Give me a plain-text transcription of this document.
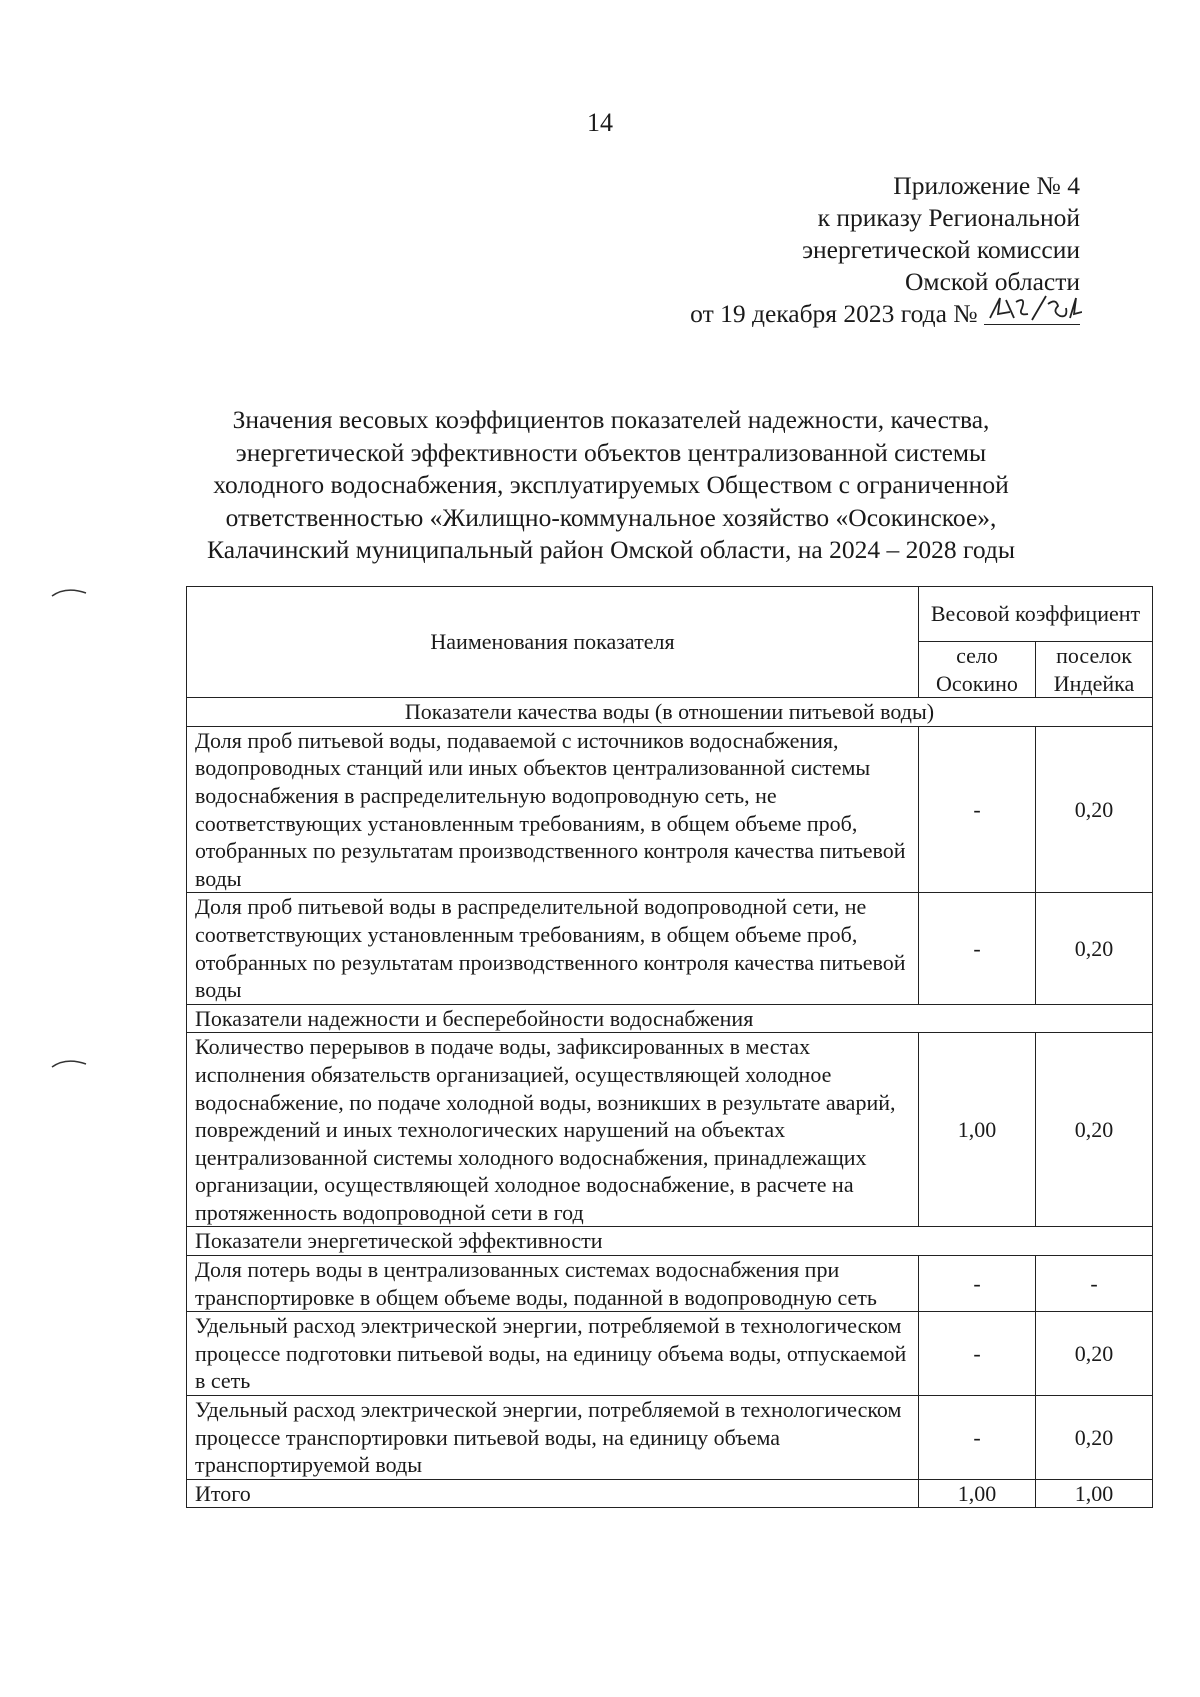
14
Приложение № 4
к приказу Региональной
энергетической комиссии
Омской области
от 19 декабря 2023 года №
Значения весовых коэффициентов показателей надежности, качества,
энергетической эффективности объектов централизованной системы
холодного водоснабжения, эксплуатируемых Обществом с ограниченной
ответственностью «Жилищно-коммунальное хозяйство «Осокинское»,
Калачинский муниципальный район Омской области, на 2024 – 2028 годы
Наименования показателя	Весовой коэффициент	
	село Осокино	поселок Индейка
Показатели качества воды (в отношении питьевой воды)		
Доля проб питьевой воды, подаваемой с источников водоснабжения, водопроводных станций или иных объектов централизованной системы водоснабжения в распределительную водопроводную сеть, не соответствующих установленным требованиям, в общем объеме проб, отобранных по результатам производственного контроля качества питьевой воды	-	0,20
Доля проб питьевой воды в распределительной водопроводной сети, не соответствующих установленным требованиям, в общем объеме проб, отобранных по результатам производственного контроля качества питьевой воды	-	0,20
Показатели надежности и бесперебойности водоснабжения		
Количество перерывов в подаче воды, зафиксированных в местах исполнения обязательств организацией, осуществляющей холодное водоснабжение, по подаче холодной воды, возникших в результате аварий, повреждений и иных технологических нарушений на объектах централизованной системы холодного водоснабжения, принадлежащих организации, осуществляющей холодное водоснабжение, в расчете на протяженность водопроводной сети в год	1,00	0,20
Показатели энергетической эффективности		
Доля потерь воды в централизованных системах водоснабжения при транспортировке в общем объеме воды, поданной в водопроводную сеть	-	-
Удельный расход электрической энергии, потребляемой в технологическом процессе подготовки питьевой воды, на единицу объема воды, отпускаемой в сеть	-	0,20
Удельный расход электрической энергии, потребляемой в технологическом процессе транспортировки питьевой воды, на единицу объема транспортируемой воды	-	0,20
Итого	1,00	1,00
